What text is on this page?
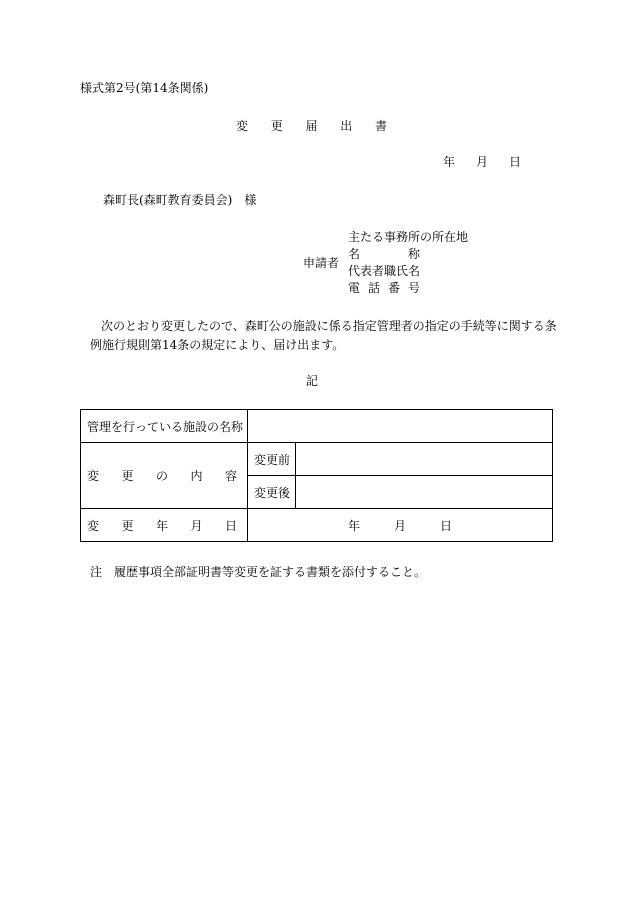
様式第2号(第14条関係)
変 更 届 出 書
年 月 日
森町長(森町教育委員会)　様
申請者
主たる事務所の所在地
名	称
代表者職氏名
電 話 番 号
次のとおり変更したので、森町公の施設に係る指定管理者の指定の手続等に関する条
例施行規則第14条の規定により、届け出ます。
記
管理を行っている施設の名称		

変 更 の 内 容	変更前	
	変更後	

変 更 年 月 日	年 月 日	
注　履歴事項全部証明書等変更を証する書類を添付すること。
